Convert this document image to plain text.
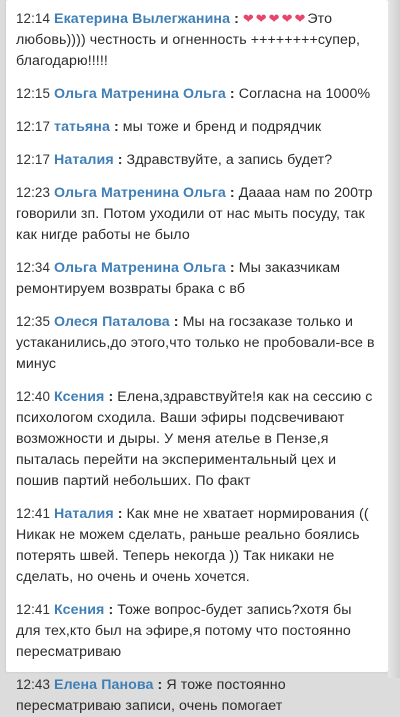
12:14 Екатерина Вылегжанина : ❤❤❤❤❤Это любовь)))) честность и огненность ++++++++супер, благодарю!!!!!
12:15 Ольга Матренина Ольга : Согласна на 1000%
12:17 татьяна : мы тоже и бренд и подрядчик
12:17 Наталия : Здравствуйте, а запись будет?
12:23 Ольга Матренина Ольга : Даааа нам по 200тр говорили зп. Потом уходили от нас мыть посуду, так как нигде работы не было
12:34 Ольга Матренина Ольга : Мы заказчикам ремонтируем возвраты брака с вб
12:35 Олеся Паталова : Мы на госзаказе только и устаканились,до этого,что только не пробовали-все в минус
12:40 Ксения : Елена,здравствуйте!я как на сессию с психологом сходила. Ваши эфиры подсвечивают возможности и дыры. У меня ателье в Пензе,я пыталась перейти на экспериментальный цех и пошив партий небольших. По факт
12:41 Наталия : Как мне не хватает нормирования (( Никак не можем сделать, раньше реально боялись потерять швей. Теперь некогда )) Так никаки не сделать, но очень и очень хочется.
12:41 Ксения : Тоже вопрос-будет запись?хотя бы для тех,кто был на эфире,я потому что постоянно пересматриваю
12:43 Елена Панова : Я тоже постоянно пересматриваю записи, очень помогает
